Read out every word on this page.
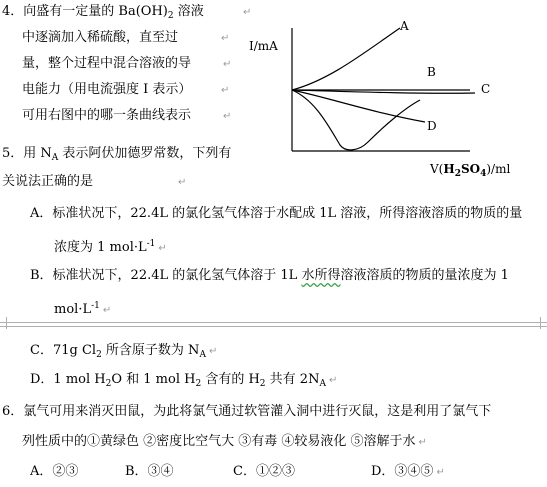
4．向盛有一定量的 $Ba(OH)_2$ 溶液	↵
中逐滴加入稀硫酸，直至过	↵
量，整个过程中混合溶液的导	↵
电能力（用电流强度 I 表示）	↵
可用右图中的哪一条曲线表示	↵
I/mA
A
B
C
D
$V(H_2SO_4)/ml$
5．用 $N_A$ 表示阿伏加德罗常数，下列有
关说法正确的是	↵
A．标准状况下，22.4L 的氯化氢气体溶于水配成 1L 溶液，所得溶液溶质的物质的量
浓度为 1 $mol\cdot L^{-1}$ ↵
B．标准状况下，22.4L 的氯化氢气体溶于 1L 水所得溶液溶质的物质的量浓度为 1
$mol\cdot L^{-1}$ ↵
C．71g $Cl_2$ 所含原子数为 $N_A$ ↵
D．1 mol $H_2O$ 和 1 mol $H_2$ 含有的 $H_2$ 共有 $2N_A$ ↵
6．氯气可用来消灭田鼠，为此将氯气通过软管灌入洞中进行灭鼠，这是利用了氯气下
列性质中的①黄绿色 ②密度比空气大 ③有毒 ④较易液化 ⑤溶解于水 ↵
A．②③	B．③④	C．①②③	D．③④⑤ ↵
